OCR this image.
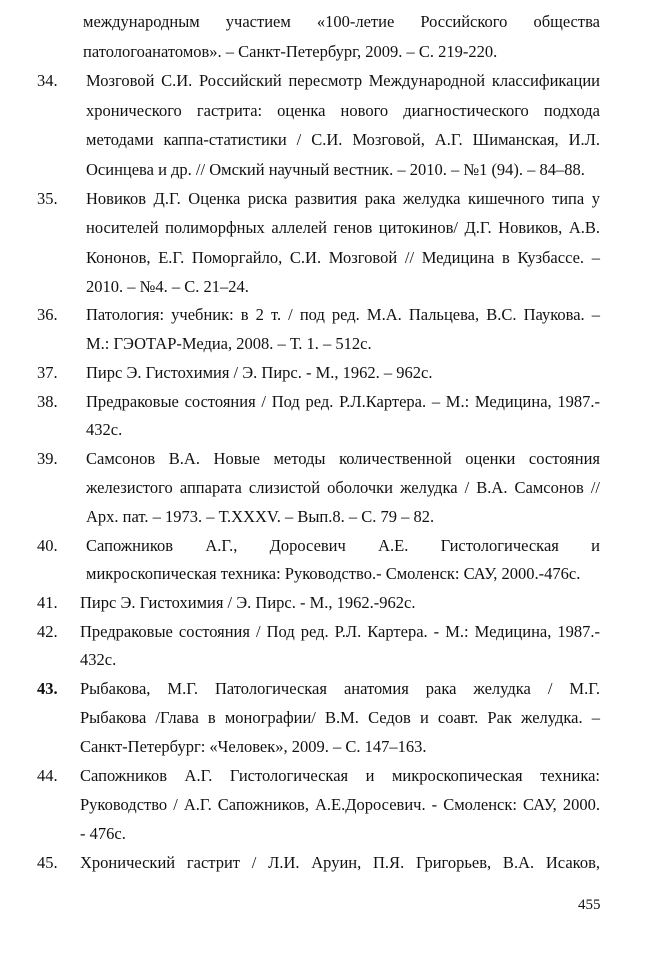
международным участием «100-летие Российского общества
патологоанатомов». – Санкт-Петербург, 2009. – С. 219-220.
34. Мозговой С.И. Российский пересмотр Международной классификации
хронического гастрита: оценка нового диагностического подхода
методами каппа-статистики / С.И. Мозговой, А.Г. Шиманская, И.Л.
Осинцева и др. // Омский научный вестник. – 2010. – №1 (94). – 84–88.
35. Новиков Д.Г. Оценка риска развития рака желудка кишечного типа у
носителей полиморфных аллелей генов цитокинов/ Д.Г. Новиков, А.В.
Кононов, Е.Г. Поморгайло, С.И. Мозговой // Медицина в Кузбассе. –
2010. – №4. – С. 21–24.
36. Патология: учебник: в 2 т. / под ред. М.А. Пальцева, В.С. Паукова. –
М.: ГЭОТАР-Медиа, 2008. – Т. 1. – 512с.
37. Пирс Э. Гистохимия / Э. Пирс. - М., 1962. – 962с.
38. Предраковые состояния / Под ред. Р.Л.Картера. – М.: Медицина, 1987.-
432с.
39. Самсонов В.А. Новые методы количественной оценки состояния
железистого аппарата слизистой оболочки желудка / В.А. Самсонов //
Арх. пат. – 1973. – Т.XXXV. – Вып.8. – С. 79 – 82.
40. Сапожников А.Г., Доросевич А.Е. Гистологическая и
микроскопическая техника: Руководство.- Смоленск: САУ, 2000.-476с.
41. Пирс Э. Гистохимия / Э. Пирс. - М., 1962.-962с.
42. Предраковые состояния / Под ред. Р.Л. Картера. - М.: Медицина, 1987.-
432с.
43. Рыбакова, М.Г. Патологическая анатомия рака желудка / М.Г.
Рыбакова /Глава в монографии/ В.М. Седов и соавт. Рак желудка. –
Санкт-Петербург: «Человек», 2009. – С. 147–163.
44. Сапожников А.Г. Гистологическая и микроскопическая техника:
Руководство / А.Г. Сапожников, А.Е.Доросевич. - Смоленск: САУ, 2000.
- 476с.
45. Хронический гастрит / Л.И. Аруин, П.Я. Григорьев, В.А. Исаков,
455
